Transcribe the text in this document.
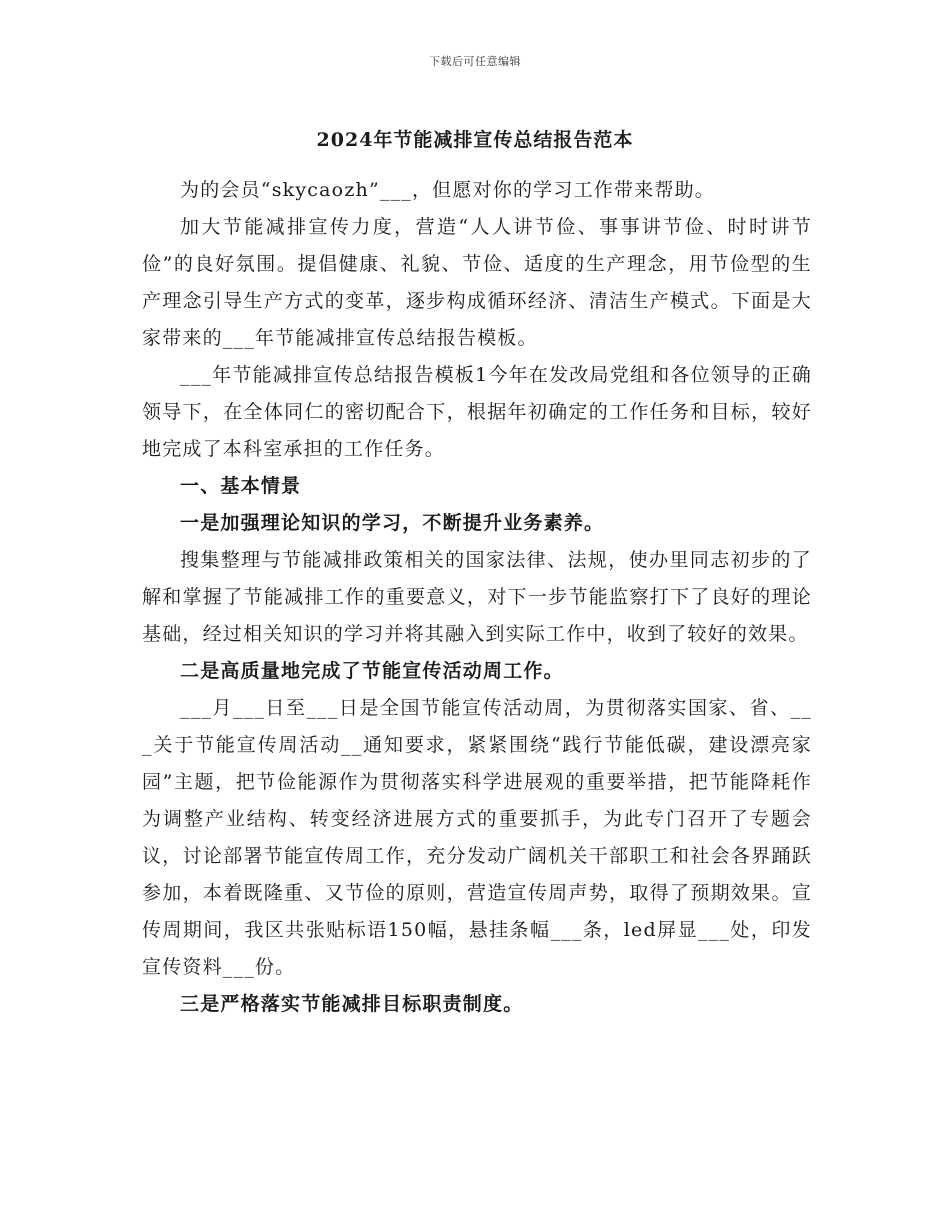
下载后可任意编辑
2024年节能减排宣传总结报告范本

为的会员“skycaozh”___，但愿对你的学习工作带来帮助。

加大节能减排宣传力度，营造“人人讲节俭、事事讲节俭、时时讲节俭”的良好氛围。提倡健康、礼貌、节俭、适度的生产理念，用节俭型的生产理念引导生产方式的变革，逐步构成循环经济、清洁生产模式。下面是大家带来的___年节能减排宣传总结报告模板。

___年节能减排宣传总结报告模板1今年在发改局党组和各位领导的正确领导下，在全体同仁的密切配合下，根据年初确定的工作任务和目标，较好地完成了本科室承担的工作任务。

一、基本情景

一是加强理论知识的学习，不断提升业务素养。

搜集整理与节能减排政策相关的国家法律、法规，使办里同志初步的了解和掌握了节能减排工作的重要意义，对下一步节能监察打下了良好的理论基础，经过相关知识的学习并将其融入到实际工作中，收到了较好的效果。

二是高质量地完成了节能宣传活动周工作。

___月___日至___日是全国节能宣传活动周，为贯彻落实国家、省、___关于节能宣传周活动__通知要求，紧紧围绕“践行节能低碳，建设漂亮家园”主题，把节俭能源作为贯彻落实科学进展观的重要举措，把节能降耗作为调整产业结构、转变经济进展方式的重要抓手，为此专门召开了专题会议，讨论部署节能宣传周工作，充分发动广阔机关干部职工和社会各界踊跃参加，本着既隆重、又节俭的原则，营造宣传周声势，取得了预期效果。宣传周期间，我区共张贴标语150幅，悬挂条幅___条，led屏显___处，印发宣传资料___份。

三是严格落实节能减排目标职责制度。
